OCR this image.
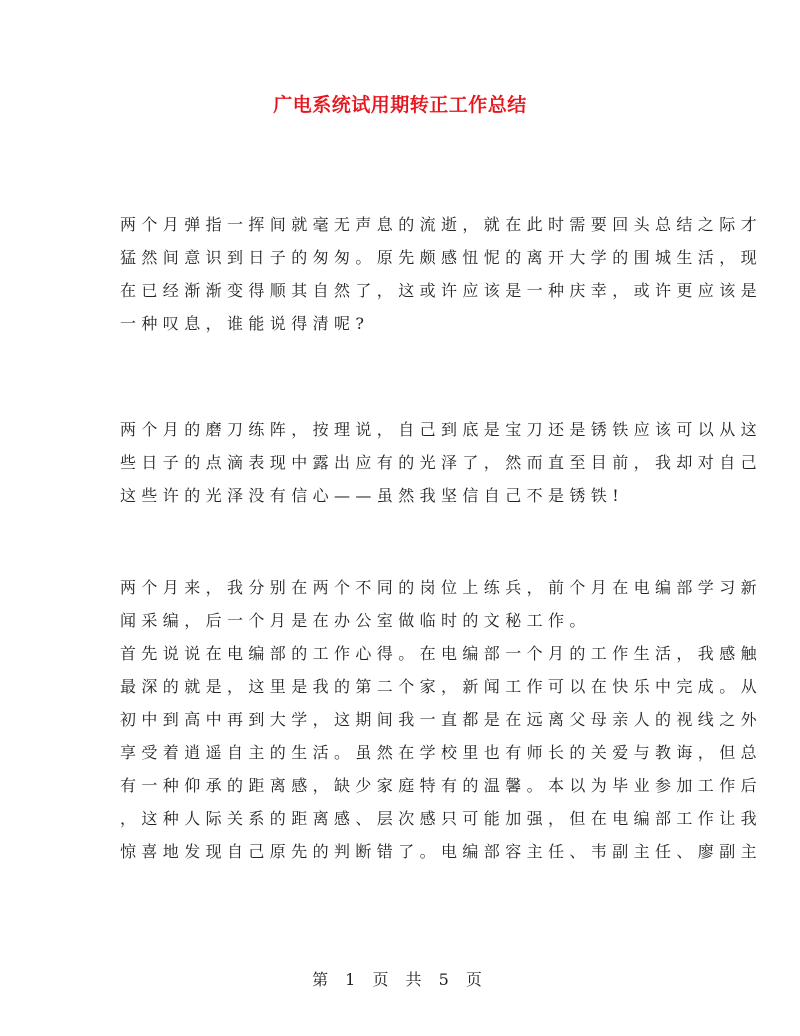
广电系统试用期转正工作总结
两个月弹指一挥间就毫无声息的流逝，就在此时需要回头总结之际才
猛然间意识到日子的匆匆。原先颇感忸怩的离开大学的围城生活，现
在已经渐渐变得顺其自然了，这或许应该是一种庆幸，或许更应该是
一种叹息，谁能说得清呢?
两个月的磨刀练阵，按理说，自己到底是宝刀还是锈铁应该可以从这
些日子的点滴表现中露出应有的光泽了，然而直至目前，我却对自己
这些许的光泽没有信心——虽然我坚信自己不是锈铁!
两个月来，我分别在两个不同的岗位上练兵，前个月在电编部学习新
闻采编，后一个月是在办公室做临时的文秘工作。
首先说说在电编部的工作心得。在电编部一个月的工作生活，我感触
最深的就是，这里是我的第二个家，新闻工作可以在快乐中完成。从
初中到高中再到大学，这期间我一直都是在远离父母亲人的视线之外
享受着逍遥自主的生活。虽然在学校里也有师长的关爱与教诲，但总
有一种仰承的距离感，缺少家庭特有的温馨。本以为毕业参加工作后
，这种人际关系的距离感、层次感只可能加强，但在电编部工作让我
惊喜地发现自己原先的判断错了。电编部容主任、韦副主任、廖副主
第 1 页 共 5 页
